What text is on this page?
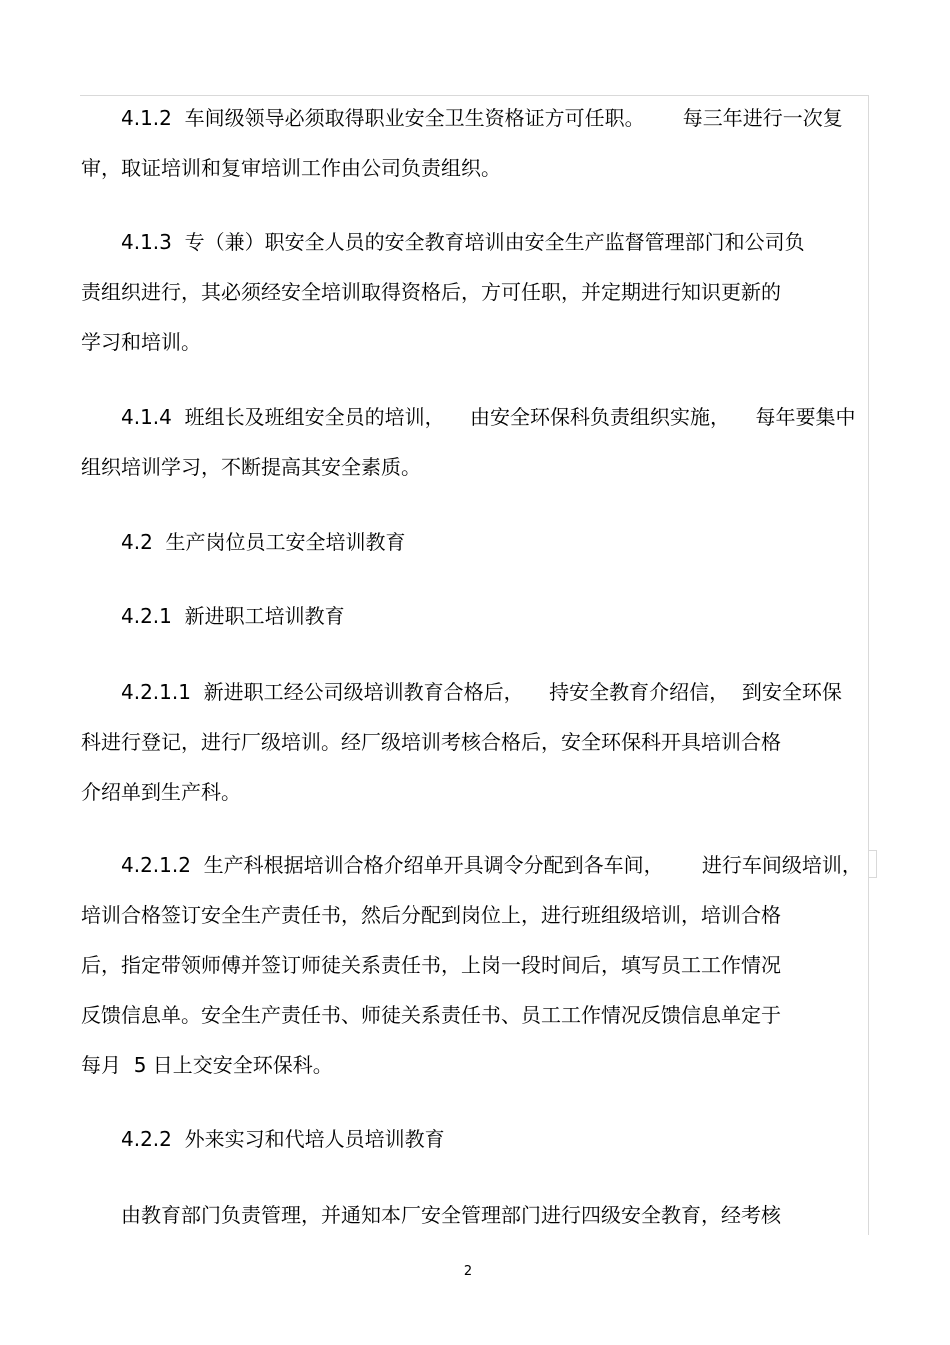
4.1.2  车间级领导必须取得职业安全卫生资格证方可任职。      每三年进行一次复
审，取证培训和复审培训工作由公司负责组织。

4.1.3  专（兼）职安全人员的安全教育培训由安全生产监督管理部门和公司负
责组织进行，其必须经安全培训取得资格后，方可任职，并定期进行知识更新的
学习和培训。

4.1.4  班组长及班组安全员的培训，    由安全环保科负责组织实施，    每年要集中
组织培训学习，不断提高其安全素质。

4.2  生产岗位员工安全培训教育

4.2.1  新进职工培训教育

4.2.1.1  新进职工经公司级培训教育合格后，    持安全教育介绍信，  到安全环保
科进行登记，进行厂级培训。经厂级培训考核合格后，安全环保科开具培训合格
介绍单到生产科。

4.2.1.2  生产科根据培训合格介绍单开具调令分配到各车间，      进行车间级培训，
培训合格签订安全生产责任书，然后分配到岗位上，进行班组级培训，培训合格
后，指定带领师傅并签订师徒关系责任书，上岗一段时间后，填写员工工作情况
反馈信息单。安全生产责任书、师徒关系责任书、员工工作情况反馈信息单定于
每月  5 日上交安全环保科。

4.2.2  外来实习和代培人员培训教育

由教育部门负责管理，并通知本厂安全管理部门进行四级安全教育，经考核

2
